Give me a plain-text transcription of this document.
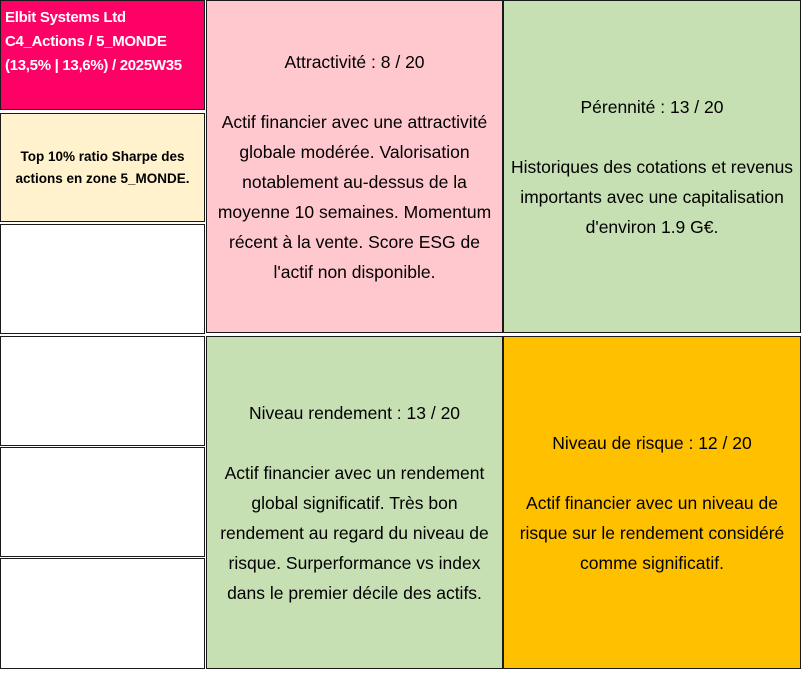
Elbit Systems Ltd
C4_Actions / 5_MONDE
(13,5% | 13,6%) / 2025W35
Top 10% ratio Sharpe des actions en zone 5_MONDE.
Attractivité : 8 / 20
Actif financier avec une attractivité globale modérée. Valorisation notablement au-dessus de la moyenne 10 semaines. Momentum récent à la vente. Score ESG de l'actif non disponible.
Pérennité : 13 / 20
Historiques des cotations et revenus importants avec une capitalisation d'environ 1.9 G€.
Niveau rendement : 13 / 20
Actif financier avec un rendement global significatif. Très bon rendement au regard du niveau de risque. Surperformance vs index dans le premier décile des actifs.
Niveau de risque : 12 / 20
Actif financier avec un niveau de risque sur le rendement considéré comme significatif.
